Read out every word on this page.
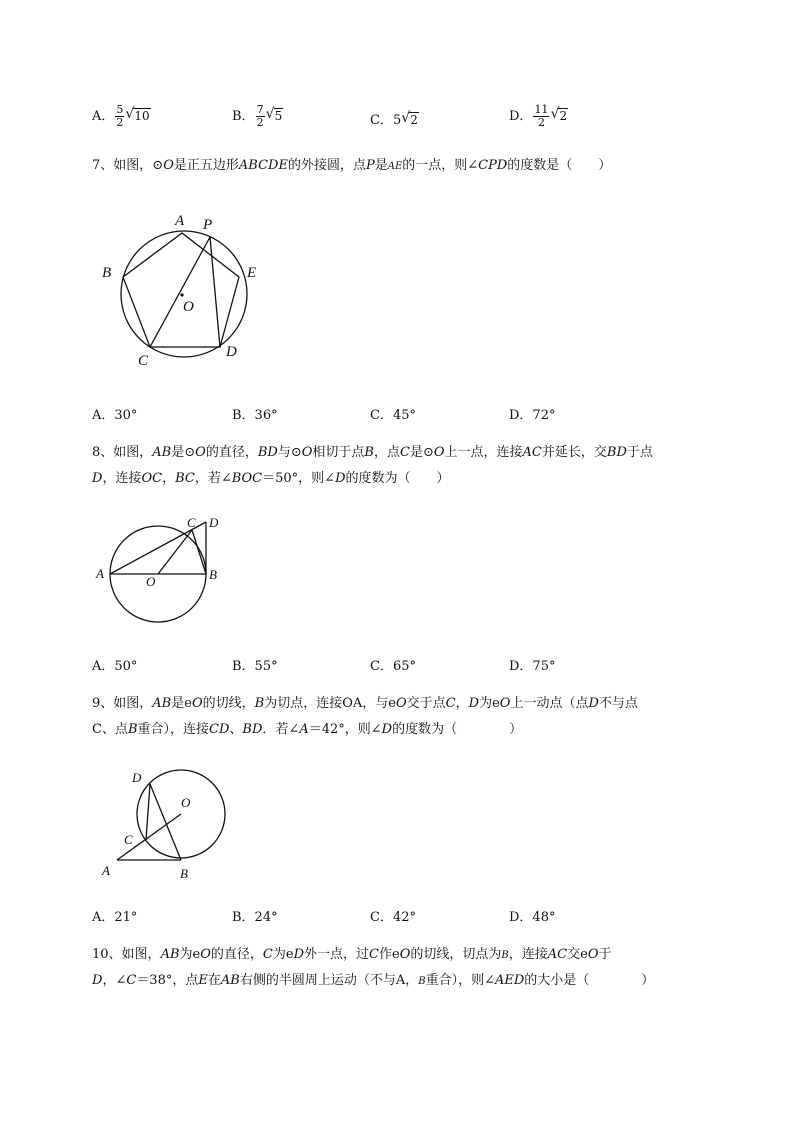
A． $\frac{5}{2}$ √ 10	B． $\frac{7}{2}$ √ 5	C．5 √ 2	D． $\frac{11}{2}$ √ 2
7、如图，⊙O是正五边形ABCDE的外接圆，点P是AE的一点，则∠CPD的度数是（　　）
A P
B	E
O
C
D
A．30°	B．36°	C．45°	D．72°
8、如图，AB是⊙O的直径，BD与⊙O相切于点B，点C是⊙O上一点，连接AC并延长，交BD于点
D，连接OC，BC，若∠BOC＝50°，则∠D的度数为（　　）
A
O	B
C D
A．50°	B．55°	C．65°	D．75°
9、如图，AB是eO的切线，B为切点，连接OA，与eO交于点C，D为eO上一动点（点D不与点
C、点B重合），连接CD、BD．若∠A＝42°，则∠D的度数为（　　　　）
D
O
C
A	B
A．21°	B．24°	C．42°	D．48°
10、如图，AB为eO的直径，C为eD外一点，过C作eO的切线，切点为B，连接AC交eO于
D，∠C＝38°，点E在AB右侧的半圆周上运动（不与A，B重合），则∠AED的大小是（　　　　）
